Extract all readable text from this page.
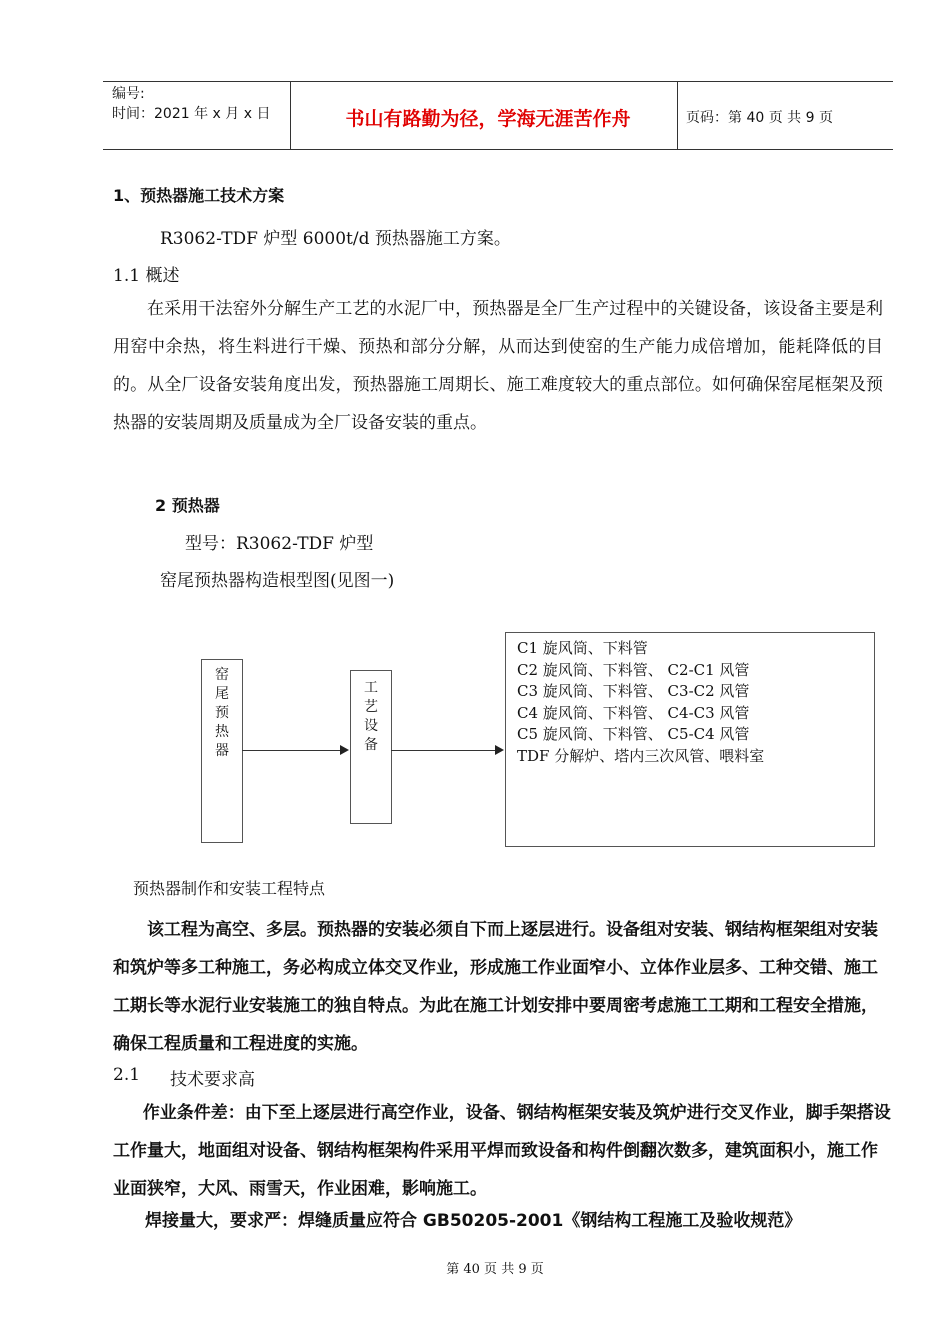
编号:
时间：2021 年 x 月 x 日	书山有路勤为径，学海无涯苦作舟	页码：第 40 页 共 9 页
1、预热器施工技术方案
R3062-TDF 炉型 6000t/d 预热器施工方案。
1.1 概述
在采用干法窑外分解生产工艺的水泥厂中，预热器是全厂生产过程中的关键设备，该设备主要是利用窑中余热，将生料进行干燥、预热和部分分解，从而达到使窑的生产能力成倍增加，能耗降低的目的。从全厂设备安装角度出发，预热器施工周期长、施工难度较大的重点部位。如何确保窑尾框架及预热器的安装周期及质量成为全厂设备安装的重点。
2 预热器
型号：R3062-TDF 炉型
窑尾预热器构造根型图(见图一)
窑
尾
预
热
器
工
艺
设
备
C1 旋风筒、下料管
C2 旋风筒、下料管、 C2-C1 风管
C3 旋风筒、下料管、 C3-C2 风管
C4 旋风筒、下料管、 C4-C3 风管
C5 旋风筒、下料管、 C5-C4 风管
TDF 分解炉、塔内三次风管、喂料室
预热器制作和安装工程特点
该工程为高空、多层。预热器的安装必须自下而上逐层进行。设备组对安装、钢结构框架组对安装和筑炉等多工种施工，务必构成立体交叉作业，形成施工作业面窄小、立体作业层多、工种交错、施工工期长等水泥行业安装施工的独自特点。为此在施工计划安排中要周密考虑施工工期和工程安全措施，确保工程质量和工程进度的实施。
2.1 技术要求高
作业条件差：由下至上逐层进行高空作业，设备、钢结构框架安装及筑炉进行交叉作业，脚手架搭设工作量大，地面组对设备、钢结构框架构件采用平焊而致设备和构件倒翻次数多，建筑面积小，施工作业面狭窄，大风、雨雪天，作业困难，影响施工。
焊接量大，要求严：焊缝质量应符合 GB50205-2001《钢结构工程施工及验收规范》
第 40 页 共 9 页
